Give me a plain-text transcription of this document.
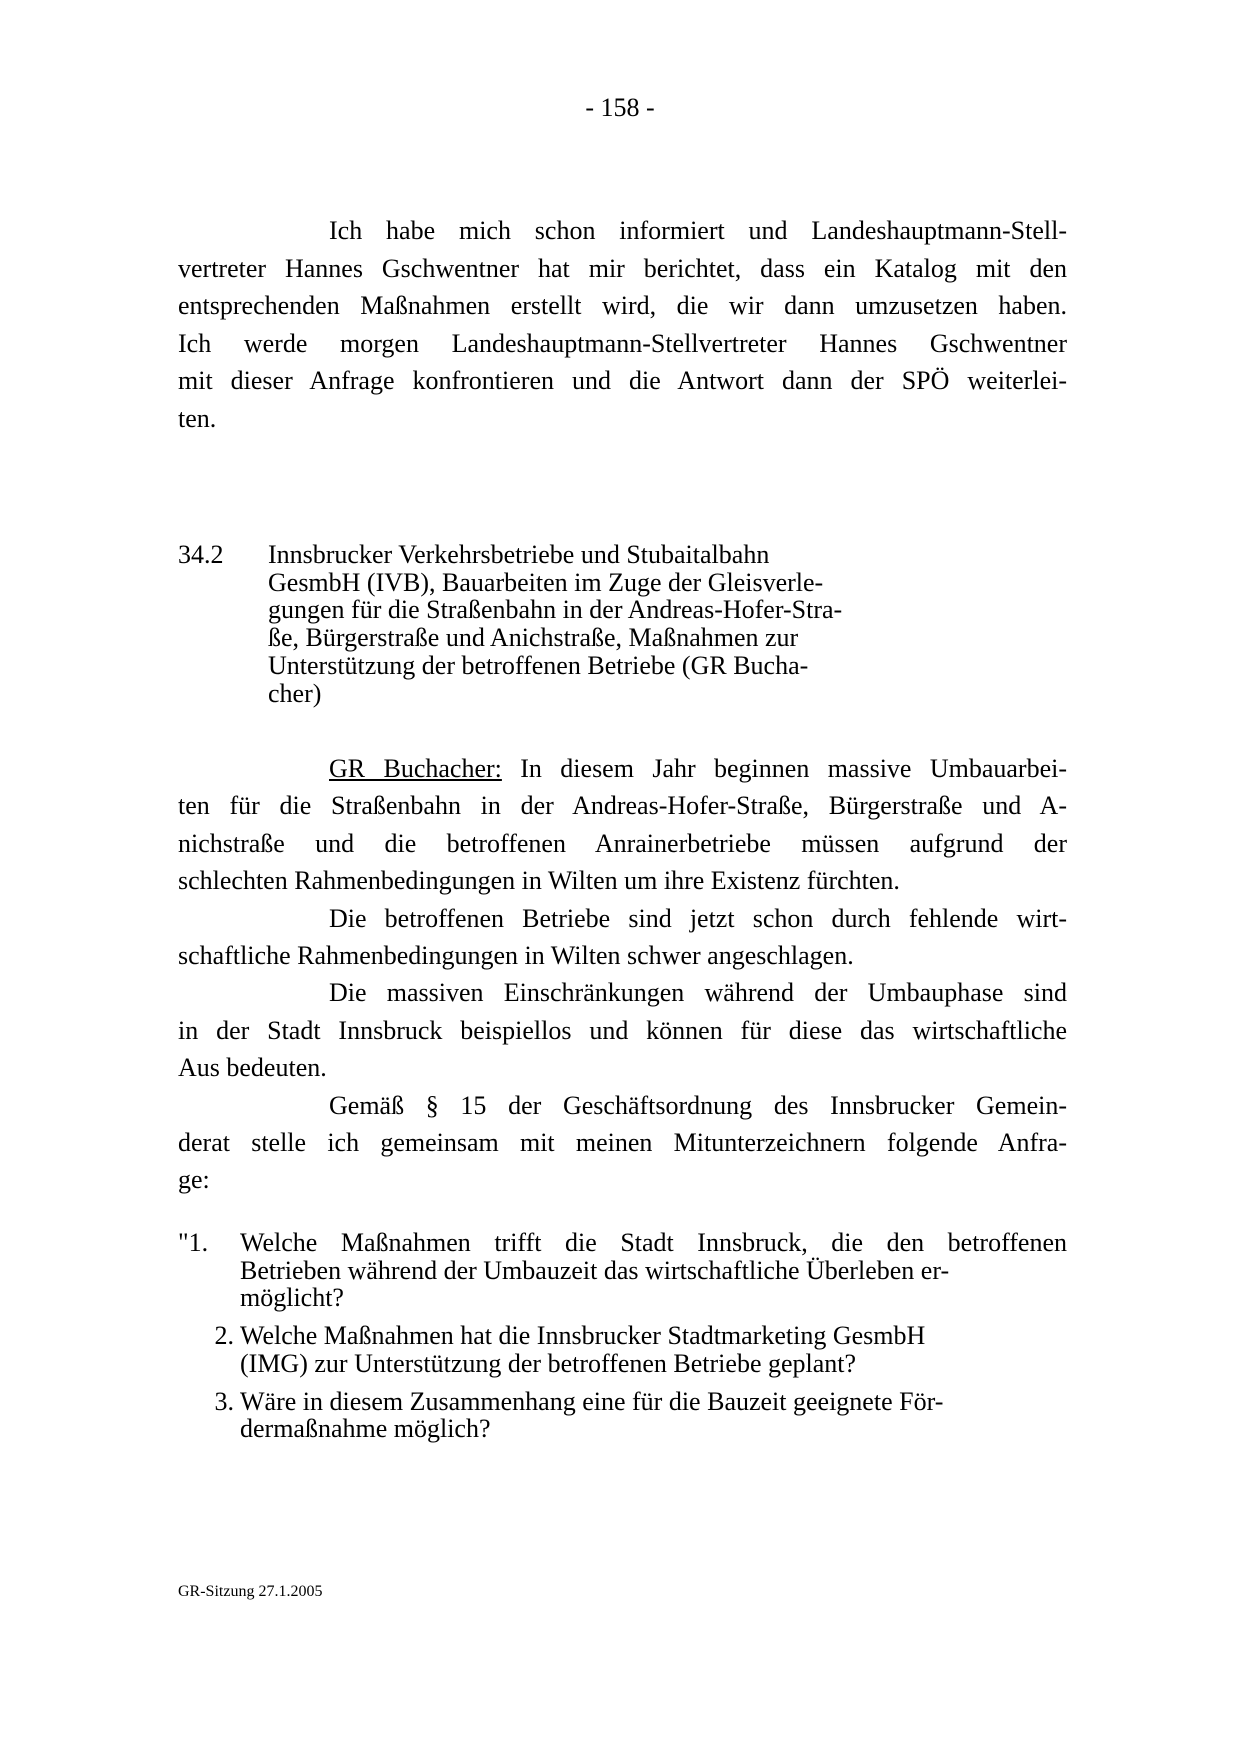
- 158 -
Ich habe mich schon informiert und Landeshauptmann-Stell-
vertreter Hannes Gschwentner hat mir berichtet, dass ein Katalog mit den
entsprechenden Maßnahmen erstellt wird, die wir dann umzusetzen haben.
Ich werde morgen Landeshauptmann-Stellvertreter Hannes Gschwentner
mit dieser Anfrage konfrontieren und die Antwort dann der SPÖ weiterlei-
ten.
34.2 Innsbrucker Verkehrsbetriebe und Stubaitalbahn
GesmbH (IVB), Bauarbeiten im Zuge der Gleisverle-
gungen für die Straßenbahn in der Andreas-Hofer-Stra-
ße, Bürgerstraße und Anichstraße, Maßnahmen zur
Unterstützung der betroffenen Betriebe (GR Bucha-
cher)
GR Buchacher: In diesem Jahr beginnen massive Umbauarbei-
ten für die Straßenbahn in der Andreas-Hofer-Straße, Bürgerstraße und A-
nichstraße und die betroffenen Anrainerbetriebe müssen aufgrund der
schlechten Rahmenbedingungen in Wilten um ihre Existenz fürchten.
Die betroffenen Betriebe sind jetzt schon durch fehlende wirt-
schaftliche Rahmenbedingungen in Wilten schwer angeschlagen.
Die massiven Einschränkungen während der Umbauphase sind
in der Stadt Innsbruck beispiellos und können für diese das wirtschaftliche
Aus bedeuten.
Gemäß § 15 der Geschäftsordnung des Innsbrucker Gemein-
derat stelle ich gemeinsam mit meinen Mitunterzeichnern folgende Anfra-
ge:
"1.	Welche Maßnahmen trifft die Stadt Innsbruck, die den betroffenen
Betrieben während der Umbauzeit das wirtschaftliche Überleben er-
möglicht?
2. Welche Maßnahmen hat die Innsbrucker Stadtmarketing GesmbH
(IMG) zur Unterstützung der betroffenen Betriebe geplant?
3. Wäre in diesem Zusammenhang eine für die Bauzeit geeignete För-
dermaßnahme möglich?
GR-Sitzung 27.1.2005
